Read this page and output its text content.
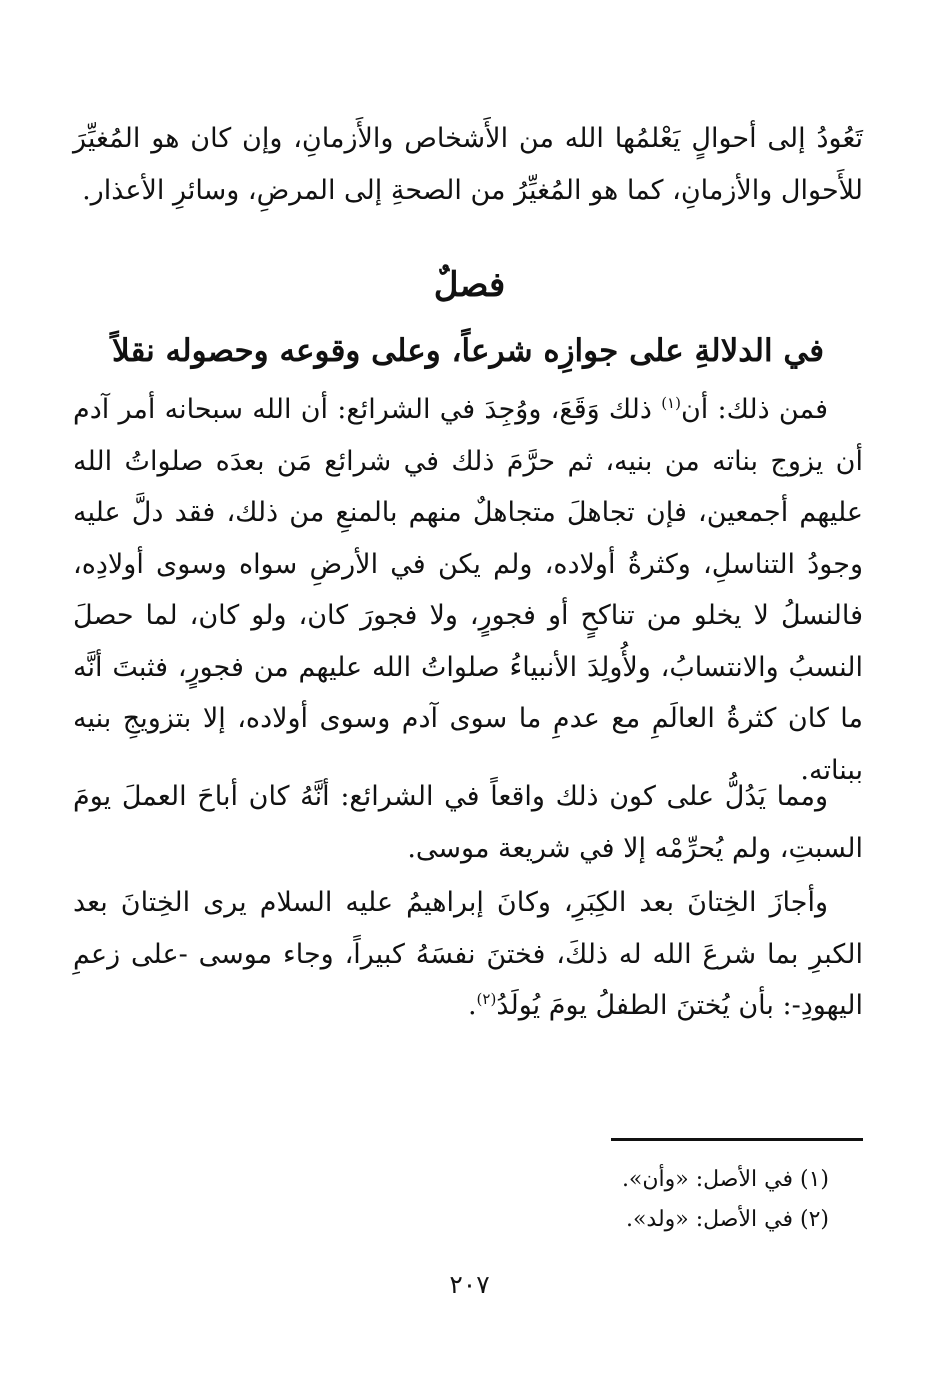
تَعُودُ إلى أحوالٍ يَعْلمُها الله من الأَشخاص والأَزمانِ، وإن كان هو المُغيِّرَ للأَحوال والأزمانِ، كما هو المُغيِّرُ من الصحةِ إلى المرضِ، وسائرِ الأعذار.

فصلٌ
في الدلالةِ على جوازِه شرعاً، وعلى وقوعه وحصوله نقلاً

فمن ذلك: أن$^{(١)}$ ذلك وَقَعَ، ووُجِدَ في الشرائع: أن الله سبحانه أمر آدم أن يزوج بناته من بنيه، ثم حرَّمَ ذلك في شرائع مَن بعدَه صلواتُ الله عليهم أجمعين، فإن تجاهلَ متجاهلٌ منهم بالمنعِ من ذلك، فقد دلَّ عليه وجودُ التناسلِ، وكثرةُ أولاده، ولم يكن في الأرضِ سواه وسوى أولادِه، فالنسلُ لا يخلو من تناكحٍ أو فجورٍ، ولا فجورَ كان، ولو كان، لما حصلَ النسبُ والانتسابُ، ولأُولِدَ الأنبياءُ صلواتُ الله عليهم من فجورٍ، فثبتَ أنَّه ما كان كثرةُ العالَمِ مع عدمِ ما سوى آدم وسوى أولاده، إلا بتزويجِ بنيه ببناته.

ومما يَدُلُّ على كون ذلك واقعاً في الشرائع: أنَّهُ كان أباحَ العملَ يومَ السبتِ، ولم يُحرِّمْه إلا في شريعة موسى.

وأجازَ الخِتانَ بعد الكِبَرِ، وكانَ إبراهيمُ عليه السلام يرى الخِتانَ بعد الكبرِ بما شرعَ الله له ذلكَ، فختنَ نفسَهُ كبيراً، وجاء موسى -على زعمِ اليهودِ-: بأن يُختنَ الطفلُ يومَ يُولَدُ$^{(٢)}$.

(١) في الأصل: «وأن».
(٢) في الأصل: «ولد».
٢٠٧
